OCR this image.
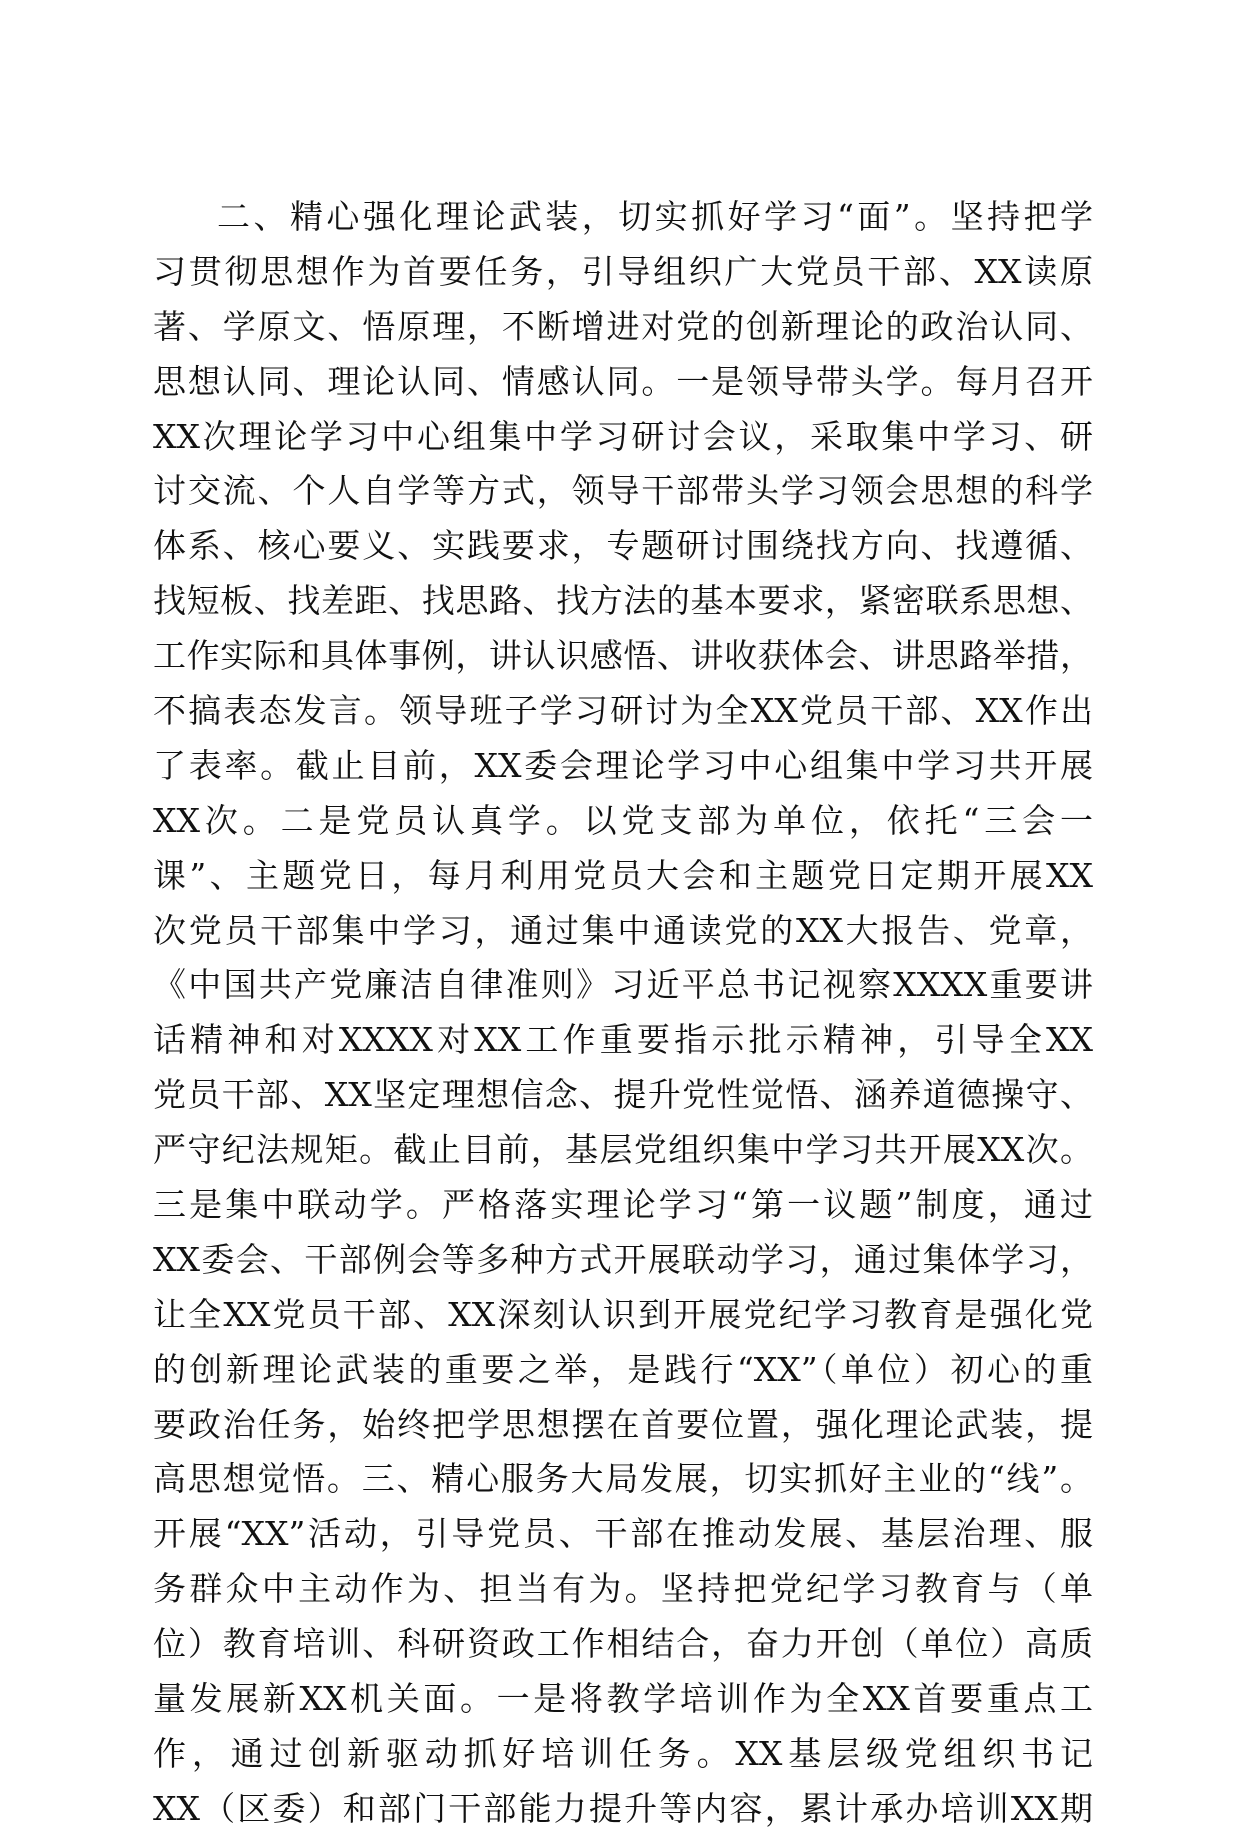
二、精心强化理论武装，切实抓好学习“面”。坚持把学
习贯彻思想作为首要任务，引导组织广大党员干部、XX读原
著、学原文、悟原理，不断增进对党的创新理论的政治认同、
思想认同、理论认同、情感认同。一是领导带头学。每月召开
XX次理论学习中心组集中学习研讨会议，采取集中学习、研
讨交流、个人自学等方式，领导干部带头学习领会思想的科学
体系、核心要义、实践要求，专题研讨围绕找方向、找遵循、
找短板、找差距、找思路、找方法的基本要求，紧密联系思想、
工作实际和具体事例，讲认识感悟、讲收获体会、讲思路举措，
不搞表态发言。领导班子学习研讨为全XX党员干部、XX作出
了表率。截止目前，XX委会理论学习中心组集中学习共开展
XX次。二是党员认真学。以党支部为单位，依托“三会一
课”、主题党日，每月利用党员大会和主题党日定期开展XX
次党员干部集中学习，通过集中通读党的XX大报告、党章，
《中国共产党廉洁自律准则》习近平总书记视察XXXX重要讲
话精神和对XXXX对XX工作重要指示批示精神，引导全XX
党员干部、XX坚定理想信念、提升党性觉悟、涵养道德操守、
严守纪法规矩。截止目前，基层党组织集中学习共开展XX次。
三是集中联动学。严格落实理论学习“第一议题”制度，通过
XX委会、干部例会等多种方式开展联动学习，通过集体学习，
让全XX党员干部、XX深刻认识到开展党纪学习教育是强化党
的创新理论武装的重要之举，是践行“XX”（单位）初心的重
要政治任务，始终把学思想摆在首要位置，强化理论武装，提
高思想觉悟。三、精心服务大局发展，切实抓好主业的“线”。
开展“XX”活动，引导党员、干部在推动发展、基层治理、服
务群众中主动作为、担当有为。坚持把党纪学习教育与（单
位）教育培训、科研资政工作相结合，奋力开创（单位）高质
量发展新XX机关面。一是将教学培训作为全XX首要重点工
作，通过创新驱动抓好培训任务。XX基层级党组织书记
XX（区委）和部门干部能力提升等内容，累计承办培训XX期
